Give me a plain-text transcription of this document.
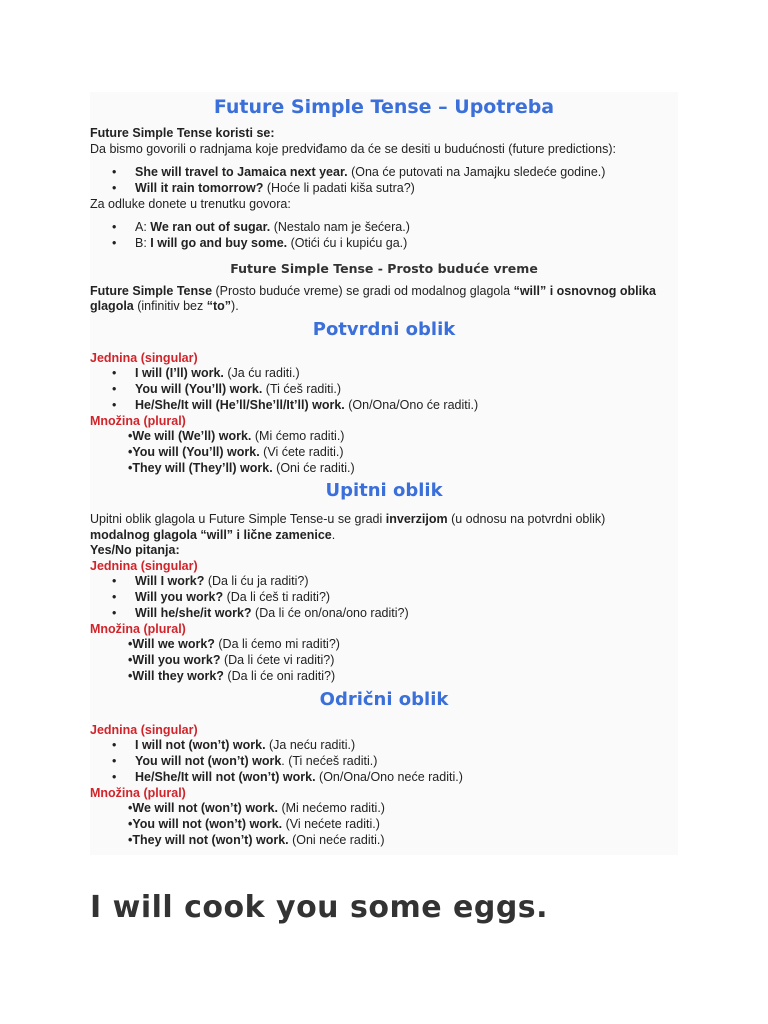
Future Simple Tense – Upotreba
Future Simple Tense koristi se:
Da bismo govorili o radnjama koje predviđamo da će se desiti u budućnosti (future predictions):
• She will travel to Jamaica next year. (Ona će putovati na Jamajku sledeće godine.)
• Will it rain tomorrow? (Hoće li padati kiša sutra?)
Za odluke donete u trenutku govora:
• A: We ran out of sugar. (Nestalo nam je šećera.)
• B: I will go and buy some. (Otići ću i kupiću ga.)
Future Simple Tense - Prosto buduće vreme
Future Simple Tense (Prosto buduće vreme) se gradi od modalnog glagola “will” i osnovnog oblika glagola (infinitiv bez “to”).
Potvrdni oblik
Jednina (singular)
• I will (I’ll) work. (Ja ću raditi.)
• You will (You’ll) work. (Ti ćeš raditi.)
• He/She/It will (He’ll/She’ll/It’ll) work. (On/Ona/Ono će raditi.)
Množina (plural)
•We will (We’ll) work. (Mi ćemo raditi.)
•You will (You’ll) work. (Vi ćete raditi.)
•They will (They’ll) work. (Oni će raditi.)
Upitni oblik
Upitni oblik glagola u Future Simple Tense-u se gradi inverzijom (u odnosu na potvrdni oblik) modalnog glagola “will” i lične zamenice.
Yes/No pitanja:
Jednina (singular)
• Will I work? (Da li ću ja raditi?)
• Will you work? (Da li ćeš ti raditi?)
• Will he/she/it work? (Da li će on/ona/ono raditi?)
Množina (plural)
•Will we work? (Da li ćemo mi raditi?)
•Will you work? (Da li ćete vi raditi?)
•Will they work? (Da li će oni raditi?)
Odrični oblik
Jednina (singular)
• I will not (won’t) work. (Ja neću raditi.)
• You will not (won’t) work. (Ti nećeš raditi.)
• He/She/It will not (won’t) work. (On/Ona/Ono neće raditi.)
Množina (plural)
•We will not (won’t) work. (Mi nećemo raditi.)
•You will not (won’t) work. (Vi nećete raditi.)
•They will not (won’t) work. (Oni neće raditi.)
I will cook you some eggs.
